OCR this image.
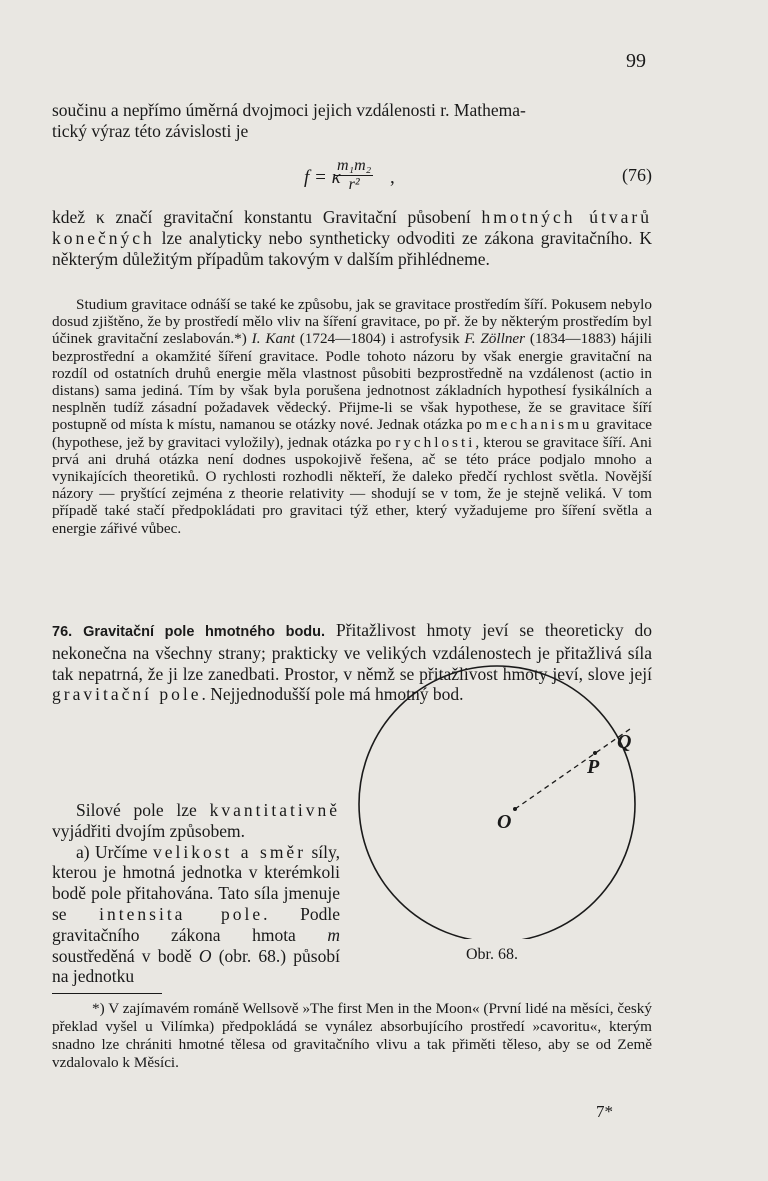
99

součinu a nepřímo úměrná dvojmoci jejich vzdálenosti r. Mathema-

tický výraz této závislosti je

f = κ
$\frac{\text{m₁m₂}}{\text{r²}}$ ,	(76)

kdež κ značí gravitační konstantu Gravitační působení hmotných útvarů konečných lze analyticky nebo syntheticky odvoditi ze zákona gravitačního. K některým důležitým případům takovým v dalším přihlédneme.

Studium gravitace odnáší se také ke způsobu, jak se gravitace prostředím šíří. Pokusem nebylo dosud zjištěno, že by prostředí mělo vliv na šíření gravitace, po př. že by některým prostředím byl účinek gravitační zeslabován.*) I. Kant (1724—1804) i astrofysik F. Zöllner (1834—1883) hájili bezprostřední a okamžité šíření gravitace. Podle tohoto názoru by však energie gravitační na rozdíl od ostatních druhů energie měla vlastnost působiti bezprostředně na vzdálenost (actio in distans) sama jediná. Tím by však byla porušena jednotnost základních hypothesí fysikálních a nesplněn tudíž zásadní požadavek vědecký. Přijme-li se však hypothese, že se gravitace šíří postupně od místa k místu, namanou se otázky nové. Jednak otázka po mechanismu gravitace (hypothese, jež by gravitaci vyložily), jednak otázka po rychlosti, kterou se gravitace šíří. Ani prvá ani druhá otázka není dodnes uspokojivě řešena, ač se této práce podjalo mnoho a vynikajících theoretiků. O rychlosti rozhodli někteří, že daleko předčí rychlost světla. Novější názory — pryštící zejména z theorie relativity — shodují se v tom, že je stejně veliká. V tom případě také stačí předpokládati pro gravitaci týž ether, který vyžadujeme pro šíření světla a energie zářivé vůbec.

76. Gravitační pole hmotného bodu. Přitažlivost hmoty jeví se theoreticky do nekonečna na všechny strany; prakticky ve velikých vzdálenostech je přitažlivá síla tak nepatrná, že ji lze zanedbati. Prostor, v němž se přitažlivost hmoty jeví, slove její gravitační pole. Nejjednodušší pole má hmotný bod.

Silové pole lze kvantitativně vyjádřiti dvojím způsobem.

a) Určíme velikost a směr síly, kterou je hmotná jednotka v kterémkoli bodě pole přitahována. Tato síla jmenuje se intensita pole. Podle gravitačního zákona hmota m soustředěná v bodě O (obr. 68.) působí na jednotku

O
P
Q
Obr. 68.

*) V zajímavém románě Wellsově »The first Men in the Moon« (První lidé na měsíci, český překlad vyšel u Vilímka) předpokládá se vynález absorbujícího prostředí »cavoritu«, kterým snadno lze chrániti hmotné tělesa od gravitačního vlivu a tak přiměti těleso, aby se od Země vzdalovalo k Měsíci.

7*
